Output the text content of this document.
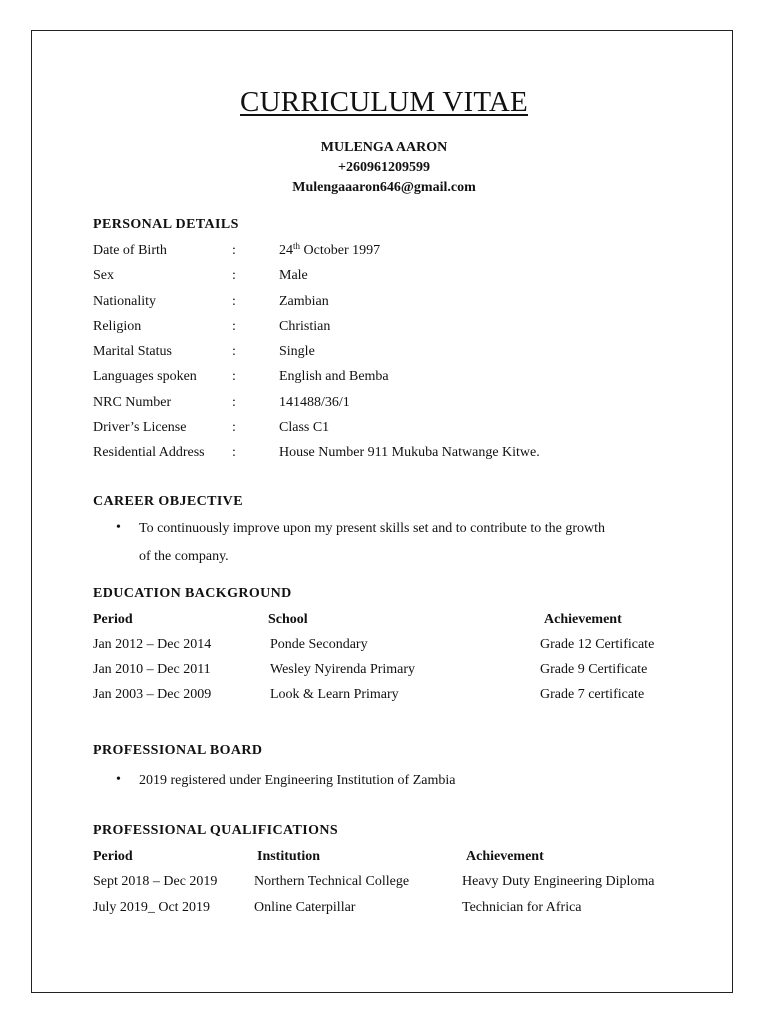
CURRICULUM VITAE
MULENGA AARON
+260961209599
Mulengaaaron646@gmail.com
PERSONAL DETAILS
Date of Birth	:	24th October 1997
Sex	:	Male
Nationality	:	Zambian
Religion	:	Christian
Marital Status	:	Single
Languages spoken	:	English and Bemba
NRC Number	:	141488/36/1
Driver’s License	:	Class C1
Residential Address :	House Number 911 Mukuba Natwange Kitwe.
CAREER OBJECTIVE
• To continuously improve upon my present skills set and to contribute to the growth
of the company.
EDUCATION BACKGROUND
Period	School	Achievement
Jan 2012 – Dec 2014	Ponde Secondary	Grade 12 Certificate
Jan 2010 – Dec 2011	Wesley Nyirenda Primary	Grade 9 Certificate
Jan 2003 – Dec 2009	Look & Learn Primary	Grade 7 certificate
PROFESSIONAL BOARD
• 2019 registered under Engineering Institution of Zambia
PROFESSIONAL QUALIFICATIONS
Period	Institution	Achievement
Sept 2018 – Dec 2019	Northern Technical College	Heavy Duty Engineering Diploma
July 2019_ Oct 2019	Online Caterpillar	Technician for Africa
